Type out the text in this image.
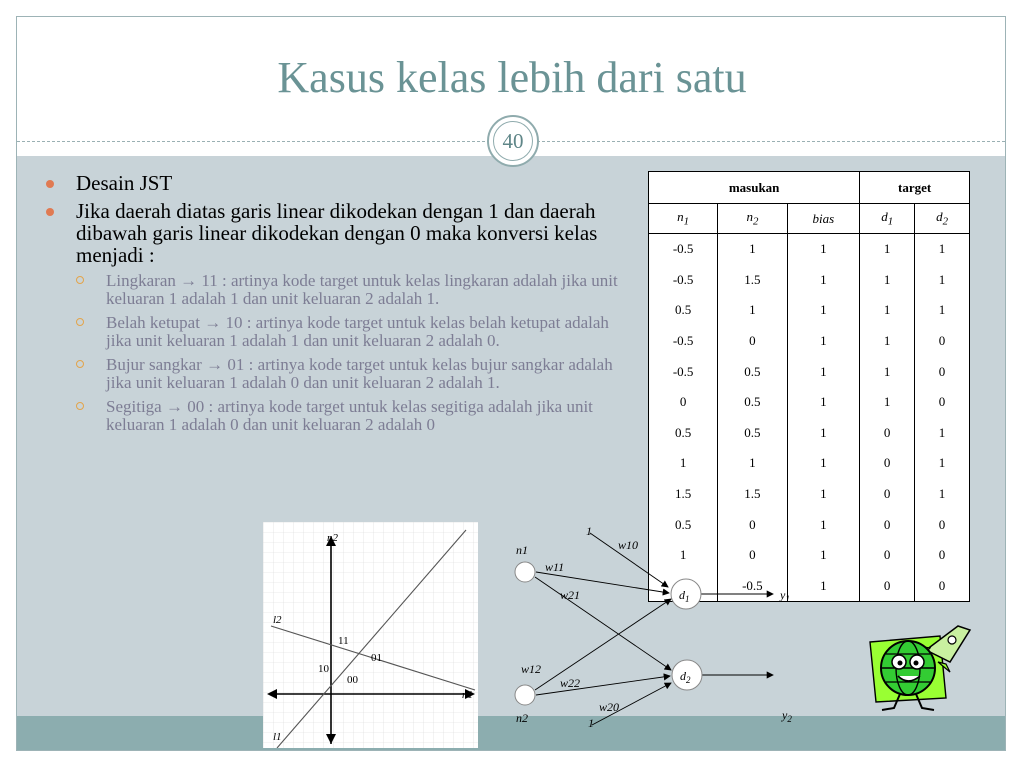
Kasus kelas lebih dari satu
40
Desain JST
Jika daerah diatas garis linear dikodekan dengan 1 dan daerah dibawah garis linear dikodekan dengan 0 maka konversi kelas menjadi :
Lingkaran → 11 : artinya kode target untuk kelas lingkaran adalah jika unit keluaran 1 adalah 1 dan unit keluaran 2 adalah 1.
Belah ketupat → 10 : artinya kode target untuk kelas belah ketupat adalah jika unit keluaran 1 adalah 1 dan unit keluaran 2 adalah 0.
Bujur sangkar → 01 : artinya kode target untuk kelas bujur sangkar adalah jika unit keluaran 1 adalah 0 dan unit keluaran 2 adalah 1.
Segitiga → 00 : artinya kode target untuk kelas segitiga adalah jika unit keluaran 1 adalah 0 dan unit keluaran 2 adalah 0
masukan			target	
$n_1$	$n_2$	bias	$d_1$	$d_2$
-0.5	1	1	1	1
-0.5	1.5	1	1	1
0.5	1	1	1	1
-0.5	0	1	1	0
-0.5	0.5	1	1	0
0	0.5	1	1	0
0.5	0.5	1	0	1
1	1	1	0	1
1.5	1.5	1	0	1
0.5	0	1	0	0
1	0	1	0	0
	-0.5	1	0	0
n2
n1
l2
l1
11
01
10
00
n1
n2
1
1
w10
w11
w21
w12
w22
w20
$d_1$
$d_2$
$y_1$
$y_2$
